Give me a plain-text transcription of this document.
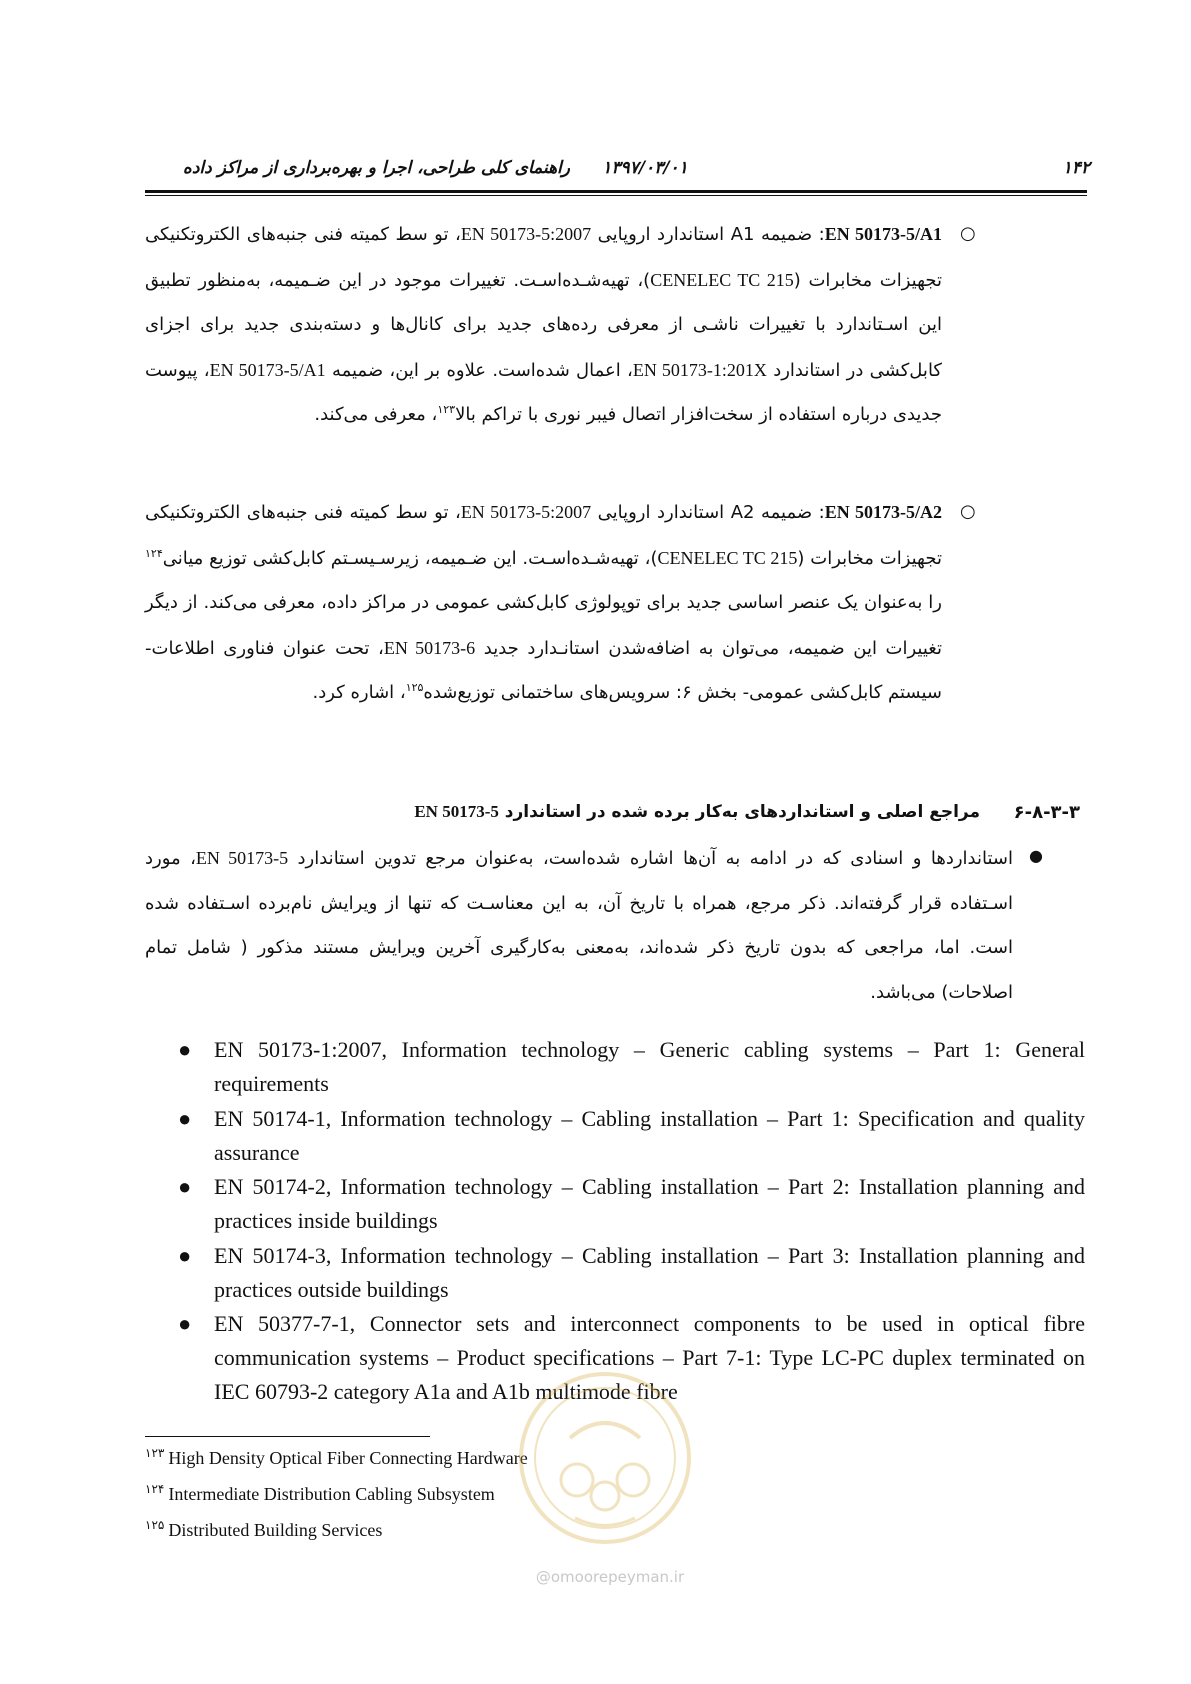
۱۴۲
۱۳۹۷/۰۳/۰۱
راهنمای کلی طراحی، اجرا و بهره‌برداری از مراکز داده
○
EN 50173-5/A1: ضمیمه A1 استاندارد اروپایی EN 50173-5:2007، تو سط کمیته فنی جنبه‌های الکتروتکنیکی تجهیزات مخابرات (CENELEC TC 215)، تهیه‌شـده‌اسـت. تغییرات موجود در این ضـمیمه، به‌منظور تطبیق این اسـتاندارد با تغییرات ناشـی از معرفی رده‌های جدید برای کانال‌ها و دسته‌بندی جدید برای اجزای کابل‌کشی در استاندارد EN 50173-1:201X، اعمال شده‌است. علاوه بر این، ضمیمه EN 50173-5/A1، پیوست جدیدی درباره استفاده از سخت‌افزار اتصال فیبر نوری با تراکم بالا$^{۱۲۳}$، معرفی می‌کند.
○
EN 50173-5/A2: ضمیمه A2 استاندارد اروپایی EN 50173-5:2007، تو سط کمیته فنی جنبه‌های الکتروتکنیکی تجهیزات مخابرات (CENELEC TC 215)، تهیه‌شـده‌اسـت. این ضـمیمه، زیرسـیسـتم کابل‌کشی توزیع میانی$^{۱۲۴}$ را به‌عنوان یک عنصر اساسی جدید برای توپولوژی کابل‌کشی عمومی در مراکز داده، معرفی می‌کند. از دیگر تغییرات این ضمیمه، می‌توان به اضافه‌شدن استانـدارد جدید EN 50173-6، تحت عنوان فناوری اطلاعات- سیستم کابل‌کشی عمومی- بخش ۶: سرویس‌های ساختمانی توزیع‌شده$^{۱۲۵}$، اشاره کرد.
۶-۸-۳-۳
مراجع اصلی و استانداردهای به‌کار برده شده در استاندارد EN 50173-5
●
استانداردها و اسنادی که در ادامه به آن‌ها اشاره شده‌است، به‌عنوان مرجع تدوین استاندارد EN 50173-5، مورد اسـتفاده قرار گرفته‌اند. ذکر مرجع، همراه با تاریخ آن، به این معناسـت که تنها از ویرایش نام‌برده اسـتفاده شده است. اما، مراجعی که بدون تاریخ ذکر شده‌اند، به‌معنی به‌کارگیری آخرین ویرایش مستند مذکور ( شامل تمام اصلاحات) می‌باشد.
● EN 50173-1:2007, Information technology – Generic cabling systems – Part 1: General requirements
● EN 50174-1, Information technology – Cabling installation – Part 1: Specification and quality assurance
● EN 50174-2, Information technology – Cabling installation – Part 2: Installation planning and practices inside buildings
● EN 50174-3, Information technology – Cabling installation – Part 3: Installation planning and practices outside buildings
● EN 50377-7-1, Connector sets and interconnect components to be used in optical fibre communication systems – Product specifications – Part 7-1: Type LC-PC duplex terminated on IEC 60793-2 category A1a and A1b multimode fibre
$^{۱۲۳}$ High Density Optical Fiber Connecting Hardware
$^{۱۲۴}$ Intermediate Distribution Cabling Subsystem
$^{۱۲۵}$ Distributed Building Services
@omoorepeyman.ir
